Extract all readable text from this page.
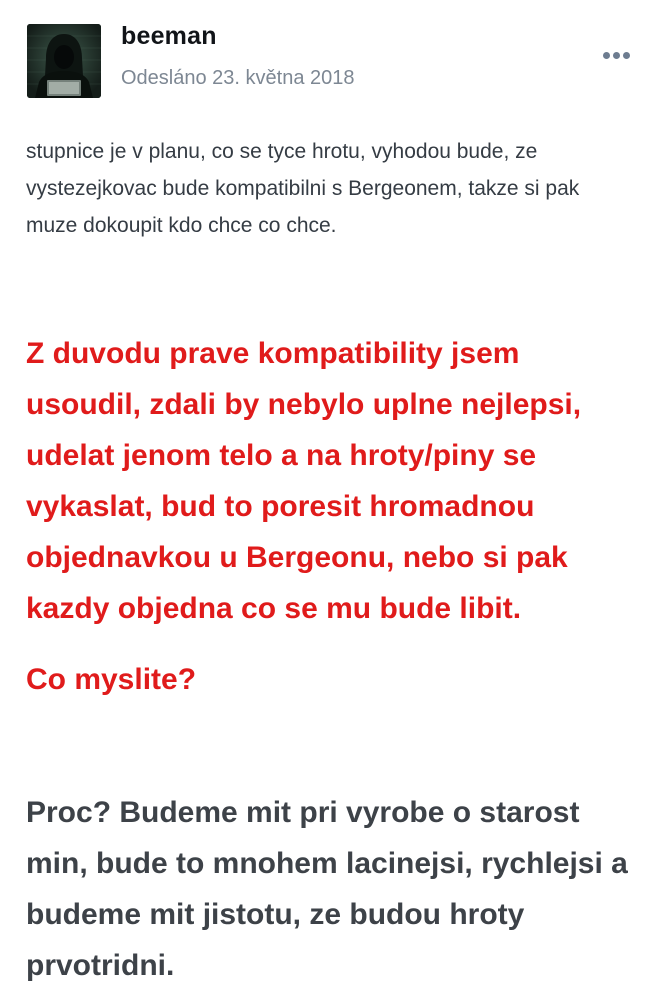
beeman
Odesláno 23. května 2018

stupnice je v planu, co se tyce hrotu, vyhodou bude, ze vystezejkovac bude kompatibilni s Bergeonem, takze si pak muze dokoupit kdo chce co chce.

Z duvodu prave kompatibility jsem usoudil, zdali by nebylo uplne nejlepsi, udelat jenom telo a na hroty/piny se vykaslat, bud to poresit hromadnou objednavkou u Bergeonu, nebo si pak kazdy objedna co se mu bude libit.

Co myslite?

Proc? Budeme mit pri vyrobe o starost min, bude to mnohem lacinejsi, rychlejsi a budeme mit jistotu, ze budou hroty prvotridni.
